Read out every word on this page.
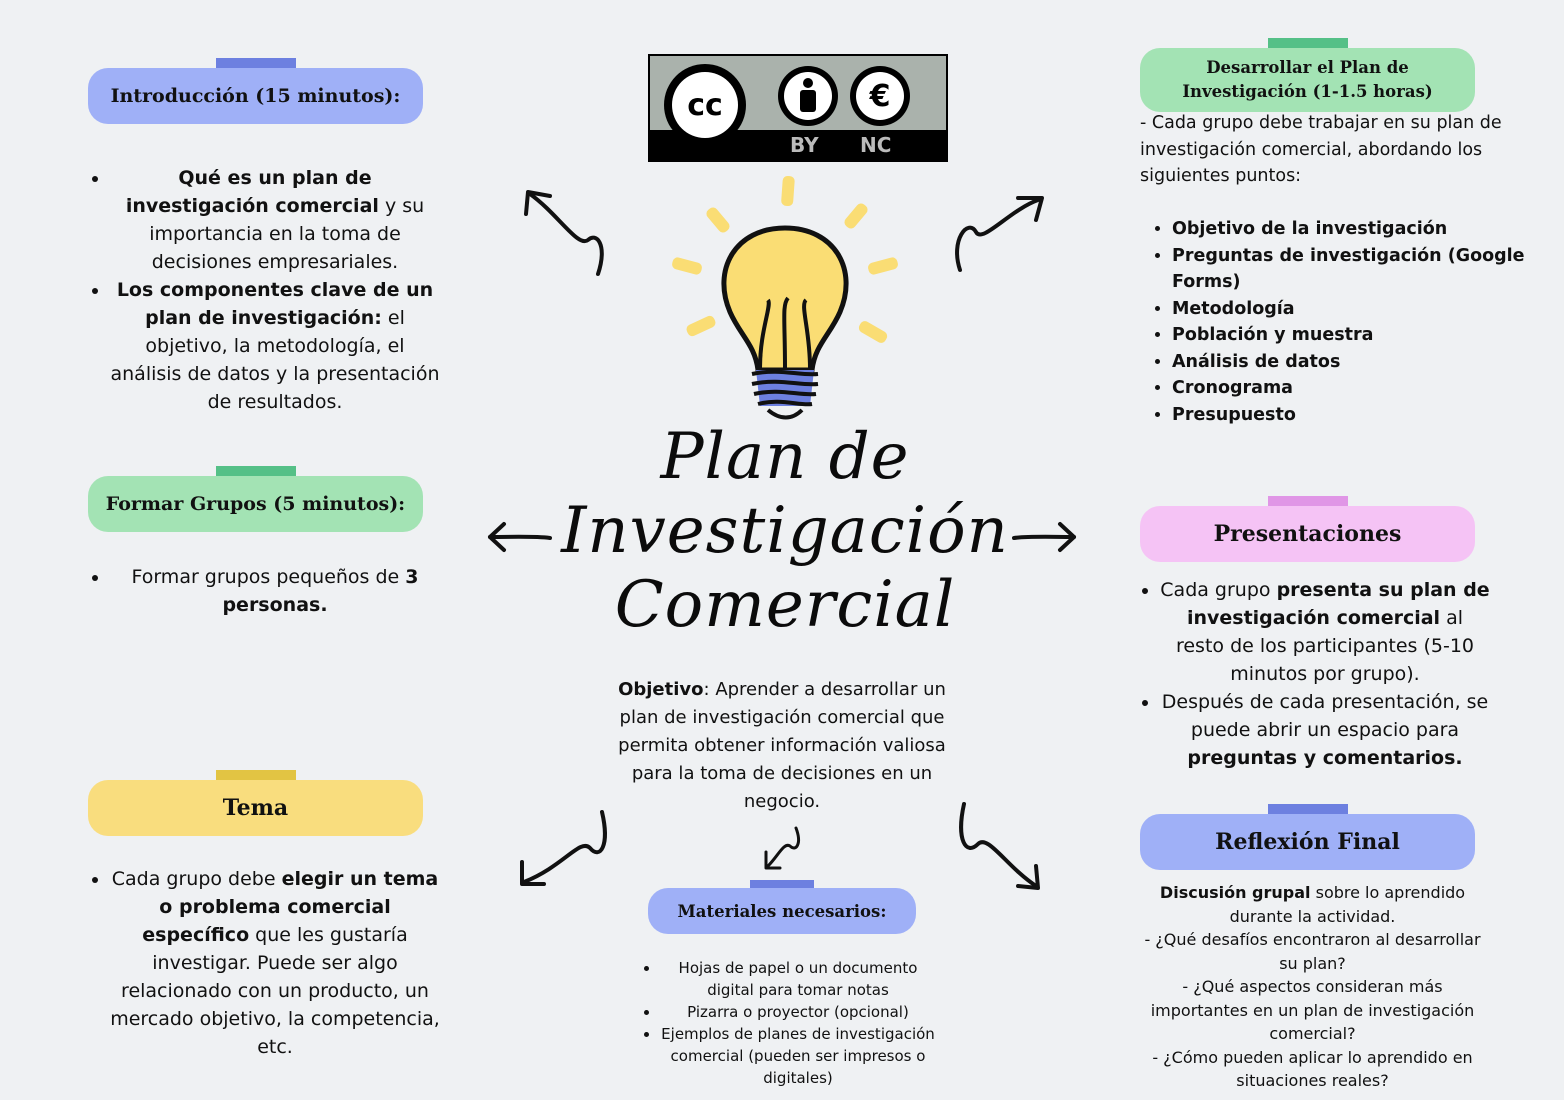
cc	€
BY NC
Plan de
Investigación
Comercial
Introducción (15 minutos):
• Qué es un plan de investigación comercial y su importancia en la toma de decisiones empresariales.
• Los componentes clave de un plan de investigación: el objetivo, la metodología, el análisis de datos y la presentación de resultados.
Formar Grupos (5 minutos):
• Formar grupos pequeños de 3 personas.
Tema
• Cada grupo debe elegir un tema o problema comercial específico que les gustaría investigar. Puede ser algo relacionado con un producto, un mercado objetivo, la competencia, etc.
Desarrollar el Plan de Investigación (1-1.5 horas)
- Cada grupo debe trabajar en su plan de investigación comercial, abordando los siguientes puntos:
• Objetivo de la investigación
• Preguntas de investigación (Google Forms)
• Metodología
• Población y muestra
• Análisis de datos
• Cronograma
• Presupuesto
Presentaciones
• Cada grupo presenta su plan de investigación comercial al resto de los participantes (5-10 minutos por grupo).
• Después de cada presentación, se puede abrir un espacio para preguntas y comentarios.
Reflexión Final
Discusión grupal sobre lo aprendido durante la actividad.
- ¿Qué desafíos encontraron al desarrollar su plan?
- ¿Qué aspectos consideran más importantes en un plan de investigación comercial?
- ¿Cómo pueden aplicar lo aprendido en situaciones reales?
Objetivo: Aprender a desarrollar un plan de investigación comercial que permita obtener información valiosa para la toma de decisiones en un negocio.
Materiales necesarios:
• Hojas de papel o un documento digital para tomar notas
• Pizarra o proyector (opcional)
• Ejemplos de planes de investigación comercial (pueden ser impresos o digitales)
